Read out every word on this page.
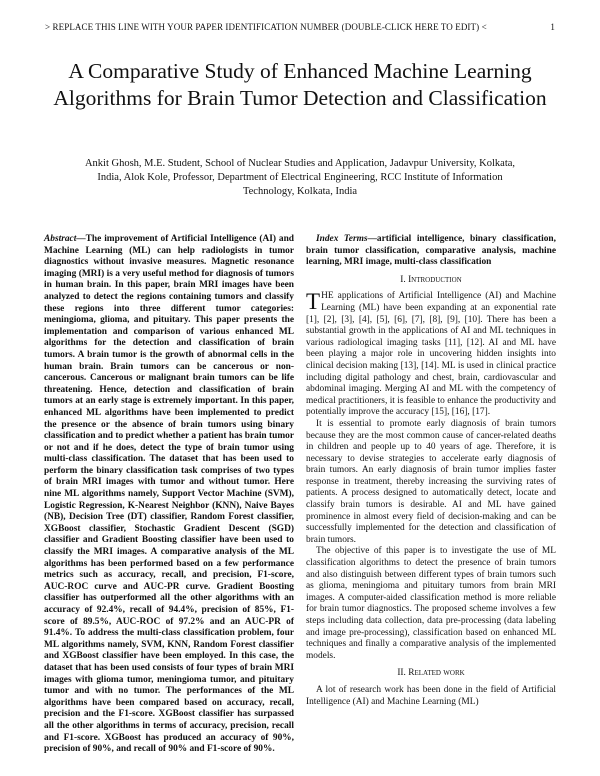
> REPLACE THIS LINE WITH YOUR PAPER IDENTIFICATION NUMBER (DOUBLE-CLICK HERE TO EDIT) <	1
A Comparative Study of Enhanced Machine Learning Algorithms for Brain Tumor Detection and Classification
Ankit Ghosh, M.E. Student, School of Nuclear Studies and Application, Jadavpur University, Kolkata, India, Alok Kole, Professor, Department of Electrical Engineering, RCC Institute of Information Technology, Kolkata, India

Abstract—The improvement of Artificial Intelligence (AI) and Machine Learning (ML) can help radiologists in tumor diagnostics without invasive measures. Magnetic resonance imaging (MRI) is a very useful method for diagnosis of tumors in human brain. In this paper, brain MRI images have been analyzed to detect the regions containing tumors and classify these regions into three different tumor categories: meningioma, glioma, and pituitary. This paper presents the implementation and comparison of various enhanced ML algorithms for the detection and classification of brain tumors. A brain tumor is the growth of abnormal cells in the human brain. Brain tumors can be cancerous or non-cancerous. Cancerous or malignant brain tumors can be life threatening. Hence, detection and classification of brain tumors at an early stage is extremely important. In this paper, enhanced ML algorithms have been implemented to predict the presence or the absence of brain tumors using binary classification and to predict whether a patient has brain tumor or not and if he does, detect the type of brain tumor using multi-class classification. The dataset that has been used to perform the binary classification task comprises of two types of brain MRI images with tumor and without tumor. Here nine ML algorithms namely, Support Vector Machine (SVM), Logistic Regression, K-Nearest Neighbor (KNN), Naive Bayes (NB), Decision Tree (DT) classifier, Random Forest classifier, XGBoost classifier, Stochastic Gradient Descent (SGD) classifier and Gradient Boosting classifier have been used to classify the MRI images. A comparative analysis of the ML algorithms has been performed based on a few performance metrics such as accuracy, recall, and precision, F1-score, AUC-ROC curve and AUC-PR curve. Gradient Boosting classifier has outperformed all the other algorithms with an accuracy of 92.4%, recall of 94.4%, precision of 85%, F1-score of 89.5%, AUC-ROC of 97.2% and an AUC-PR of 91.4%. To address the multi-class classification problem, four ML algorithms namely, SVM, KNN, Random Forest classifier and XGBoost classifier have been employed. In this case, the dataset that has been used consists of four types of brain MRI images with glioma tumor, meningioma tumor, and pituitary tumor and with no tumor. The performances of the ML algorithms have been compared based on accuracy, recall, precision and the F1-score. XGBoost classifier has surpassed all the other algorithms in terms of accuracy, precision, recall and F1-score. XGBoost has produced an accuracy of 90%, precision of 90%, and recall of 90% and F1-score of 90%.

Index Terms—artificial intelligence, binary classification, brain tumor classification, comparative analysis, machine learning, MRI image, multi-class classification

I. Introduction

THE applications of Artificial Intelligence (AI) and Machine Learning (ML) have been expanding at an exponential rate [1], [2], [3], [4], [5], [6], [7], [8], [9], [10]. There has been a substantial growth in the applications of AI and ML techniques in various radiological imaging tasks [11], [12]. AI and ML have been playing a major role in uncovering hidden insights into clinical decision making [13], [14]. ML is used in clinical practice including digital pathology and chest, brain, cardiovascular and abdominal imaging. Merging AI and ML with the competency of medical practitioners, it is feasible to enhance the productivity and potentially improve the accuracy [15], [16], [17].

It is essential to promote early diagnosis of brain tumors because they are the most common cause of cancer-related deaths in children and people up to 40 years of age. Therefore, it is necessary to devise strategies to accelerate early diagnosis of brain tumors. An early diagnosis of brain tumor implies faster response in treatment, thereby increasing the surviving rates of patients. A process designed to automatically detect, locate and classify brain tumors is desirable. AI and ML have gained prominence in almost every field of decision-making and can be successfully implemented for the detection and classification of brain tumors.

The objective of this paper is to investigate the use of ML classification algorithms to detect the presence of brain tumors and also distinguish between different types of brain tumors such as glioma, meningioma and pituitary tumors from brain MRI images. A computer-aided classification method is more reliable for brain tumor diagnostics. The proposed scheme involves a few steps including data collection, data pre-processing (data labeling and image pre-processing), classification based on enhanced ML techniques and finally a comparative analysis of the implemented models.

II. Related work

A lot of research work has been done in the field of Artificial Intelligence (AI) and Machine Learning (ML)
